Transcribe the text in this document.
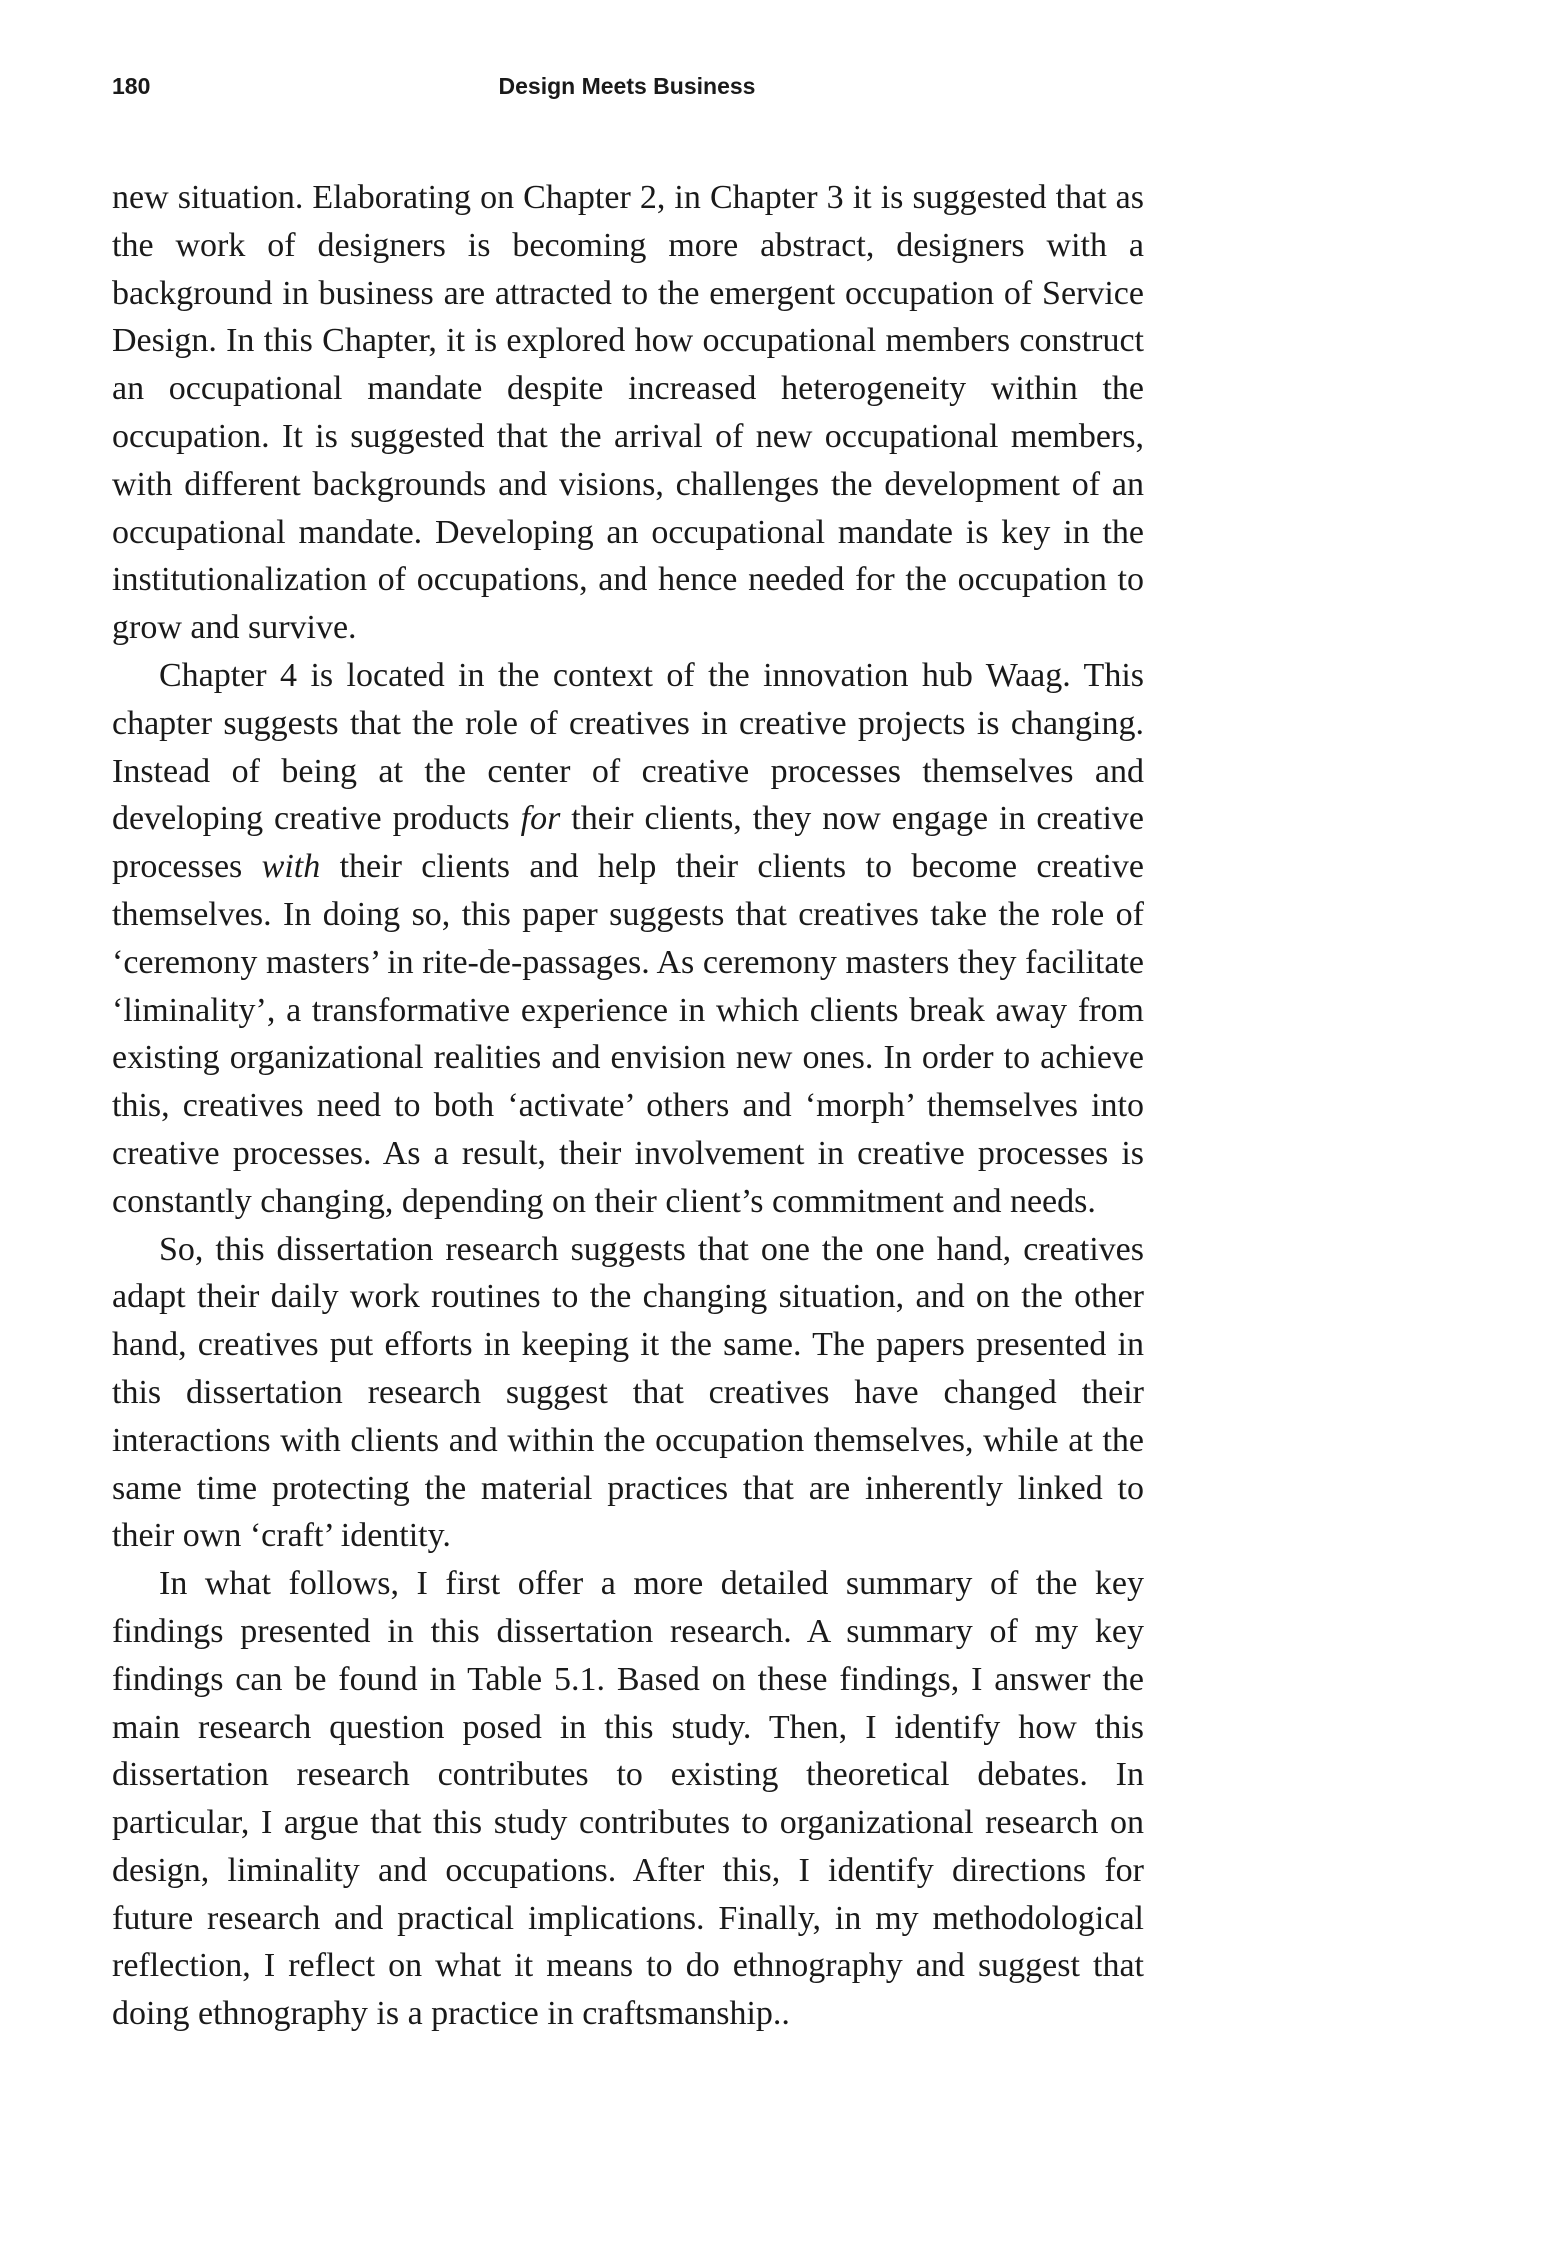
180	Design Meets Business

new situation. Elaborating on Chapter 2, in Chapter 3 it is suggested that as the work of designers is becoming more abstract, designers with a background in business are attracted to the emergent occupation of Service Design. In this Chapter, it is explored how occupational members construct an occupational mandate despite increased heterogeneity within the occupation. It is suggested that the arrival of new occupational members, with different backgrounds and visions, challenges the development of an occupational mandate. Developing an occupational mandate is key in the institutionalization of occupations, and hence needed for the occupation to grow and survive.

Chapter 4 is located in the context of the innovation hub Waag. This chapter suggests that the role of creatives in creative projects is changing. Instead of being at the center of creative processes themselves and developing creative products for their clients, they now engage in creative processes with their clients and help their clients to become creative themselves. In doing so, this paper suggests that creatives take the role of ‘ceremony masters’ in rite-de-passages. As ceremony masters they facilitate ‘liminality’, a transformative experience in which clients break away from existing organizational realities and envision new ones. In order to achieve this, creatives need to both ‘activate’ others and ‘morph’ themselves into creative processes. As a result, their involvement in creative processes is constantly changing, depending on their client’s commitment and needs.

So, this dissertation research suggests that one the one hand, creatives adapt their daily work routines to the changing situation, and on the other hand, creatives put efforts in keeping it the same. The papers presented in this dissertation research suggest that creatives have changed their interactions with clients and within the occupation themselves, while at the same time protecting the material practices that are inherently linked to their own ‘craft’ identity.

In what follows, I first offer a more detailed summary of the key findings presented in this dissertation research. A summary of my key findings can be found in Table 5.1. Based on these findings, I answer the main research question posed in this study. Then, I identify how this dissertation research contributes to existing theoretical debates. In particular, I argue that this study contributes to organizational research on design, liminality and occupations. After this, I identify directions for future research and practical implications. Finally, in my methodological reflection, I reflect on what it means to do ethnography and suggest that doing ethnography is a practice in craftsmanship..
